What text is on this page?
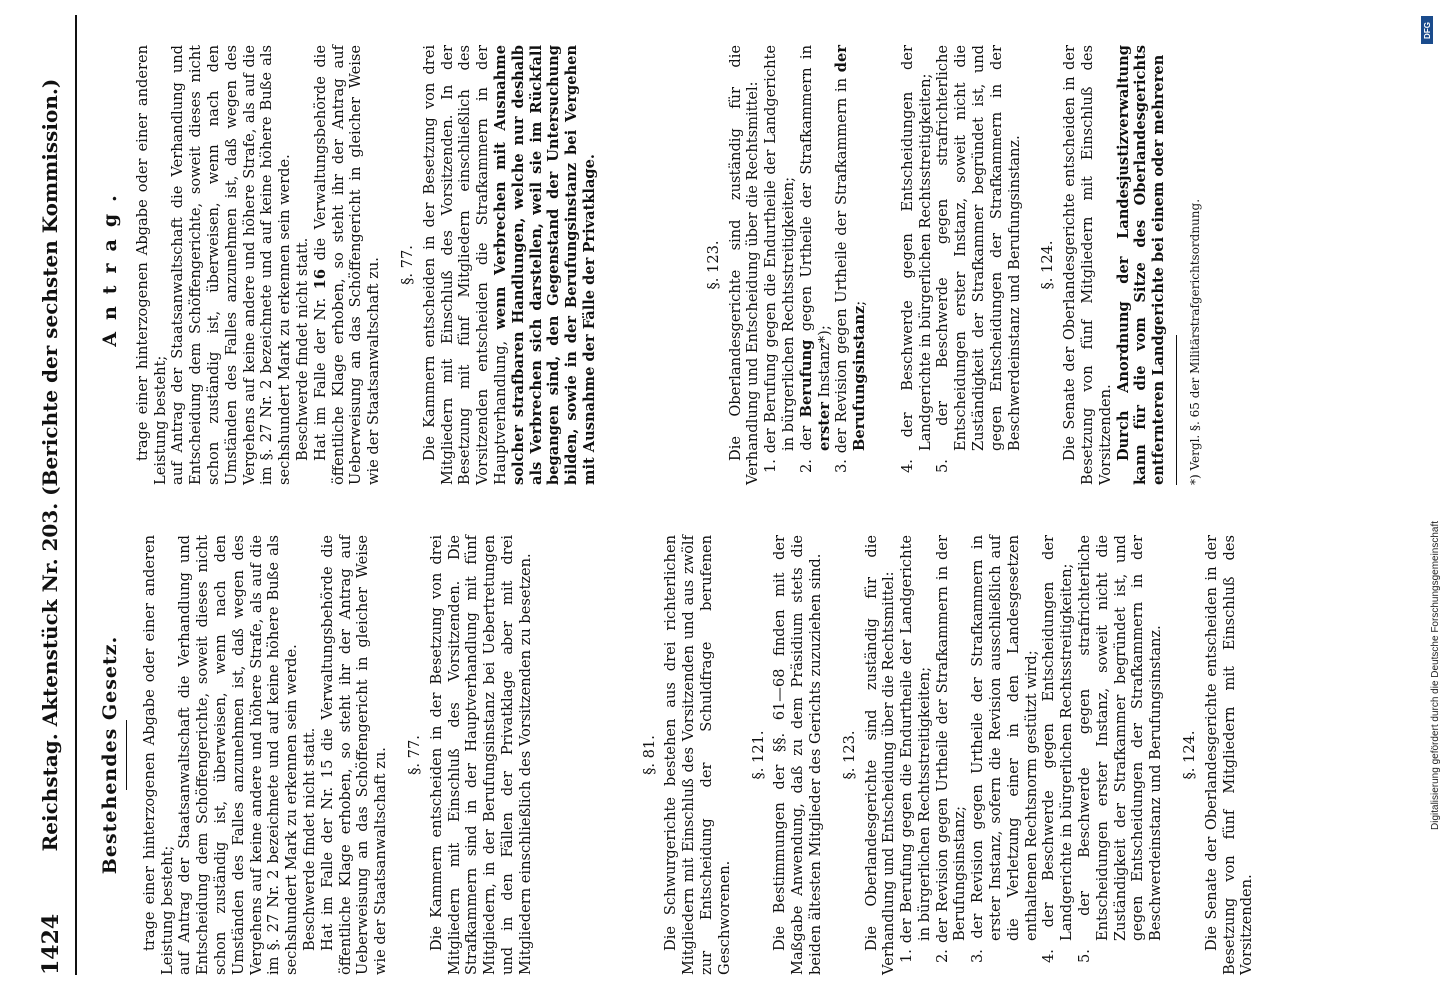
1424
Reichstag. Aktenstück Nr. 203. (Berichte der sechsten Kommission.) Bestehendes Gesetz. trage einer hinterzogenen Abgabe oder einer anderen Leistung besteht; auf Antrag der Staatsanwaltschaft die Verhandlung und Entscheidung dem Schöffengerichte, soweit dieses nicht schon zuständig ist, überweisen, wenn nach den Umständen des Falles anzunehmen ist, daß wegen des Vergehens auf keine andere und höhere Strafe, als auf die im §. 27 Nr. 2 bezeichnete und auf keine höhere Buße als sechshundert Mark zu erkennen sein werde. Beschwerde findet nicht statt. Hat im Falle der Nr. 15 die Verwaltungsbehörde die öffentliche Klage erhoben, so steht ihr der Antrag auf Ueberweisung an das Schöffengericht in gleicher Weise wie der Staatsanwaltschaft zu. §. 77. Die Kammern entscheiden in der Besetzung von drei Mitgliedern mit Einschluß des Vorsitzenden. Die Strafkammern sind in der Hauptverhandlung mit fünf Mitgliedern, in der Berufungsinstanz bei Uebertretungen und in den Fällen der Privatklage aber mit drei Mitgliedern einschließlich des Vorsitzenden zu besetzen.	§. 81. Die Schwurgerichte bestehen aus drei richterlichen Mitgliedern mit Einschluß des Vorsitzenden und aus zwölf zur Entscheidung der Schuldfrage berufenen Geschworenen.

§. 121. Die Bestimmungen der §§. 61—68 finden mit der Maßgabe Anwendung, daß zu dem Präsidium stets die beiden ältesten Mitglieder des Gerichts zuzuziehen sind. §. 123. Die Oberlandesgerichte sind zuständig für die Verhandlung und Entscheidung über die Rechtsmittel: 1. der Berufung gegen die Endurtheile der Landgerichte in bürgerlichen Rechtsstreitigkeiten; 2. der Revision gegen Urtheile der Strafkammern in der Berufungsinstanz; 3. der Revision gegen Urtheile der Strafkammern in erster Instanz, sofern die Revision ausschließlich auf die Verletzung einer in den Landesgesetzen enthaltenen Rechtsnorm gestützt wird; 4. der Beschwerde gegen Entscheidungen der Landgerichte in bürgerlichen Rechtsstreitigkeiten; 5. der Beschwerde gegen strafrichterliche Entscheidungen erster Instanz, soweit nicht die Zuständigkeit der Strafkammer begründet ist, und gegen Entscheidungen der Strafkammern in der Beschwerdeinstanz und Berufungsinstanz. §. 124. Die Senate der Oberlandesgerichte entscheiden in der Besetzung von fünf Mitgliedern mit Einschluß des Vorsitzenden.

Antrag. trage einer hinterzogenen Abgabe oder einer anderen Leistung besteht; auf Antrag der Staatsanwaltschaft die Verhandlung und Entscheidung dem Schöffengerichte, soweit dieses nicht schon zuständig ist, überweisen, wenn nach den Umständen des Falles anzunehmen ist, daß wegen des Vergehens auf keine andere und höhere Strafe, als auf die im §. 27 Nr. 2 bezeichnete und auf keine höhere Buße als sechshundert Mark zu erkennen sein werde. Beschwerde findet nicht statt. Hat im Falle der Nr. 16 die Verwaltungsbehörde die öffentliche Klage erhoben, so steht ihr der Antrag auf Ueberweisung an das Schöffengericht in gleicher Weise wie der Staatsanwaltschaft zu. §. 77. Die Kammern entscheiden in der Besetzung von drei Mitgliedern mit Einschluß des Vorsitzenden. In der Besetzung mit fünf Mitgliedern einschließlich des Vorsitzenden entscheiden die Strafkammern in der Hauptverhandlung, wenn Verbrechen mit Ausnahme solcher strafbaren Handlungen, welche nur deshalb als Verbrechen sich darstellen, weil sie im Rückfall begangen sind, den Gegenstand der Untersuchung bilden, sowie in der Berufungsinstanz bei Vergehen mit Ausnahme der Fälle der Privatklage.	§. 123. Die Oberlandesgerichte sind zuständig für die Verhandlung und Entscheidung über die Rechtsmittel: 1. der Berufung gegen die Endurtheile der Landgerichte in bürgerlichen Rechtsstreitigkeiten; 2. der Berufung gegen Urtheile der Strafkammern in erster Instanz*); 3. der Revision gegen Urtheile der Strafkammern in der Berufungsinstanz; 4. der Beschwerde gegen Entscheidungen der Landgerichte in bürgerlichen Rechtsstreitigkeiten; 5. der Beschwerde gegen strafrichterliche Entscheidungen erster Instanz, soweit nicht die Zuständigkeit der Strafkammer begründet ist, und gegen Entscheidungen der Strafkammern in der Beschwerdeinstanz und Berufungsinstanz. §. 124. Die Senate der Oberlandesgerichte entscheiden in der Besetzung von fünf Mitgliedern mit Einschluß des Vorsitzenden. Durch Anordnung der Landesjustizverwaltung kann für die vom Sitze des Oberlandesgerichts entfernteren Landgerichte bei einem oder mehreren *) Vergl. §. 65 der Militärstrafgerichtsordnung.

DFG
Digitalisierung gefördert durch die Deutsche Forschungsgemeinschaft
